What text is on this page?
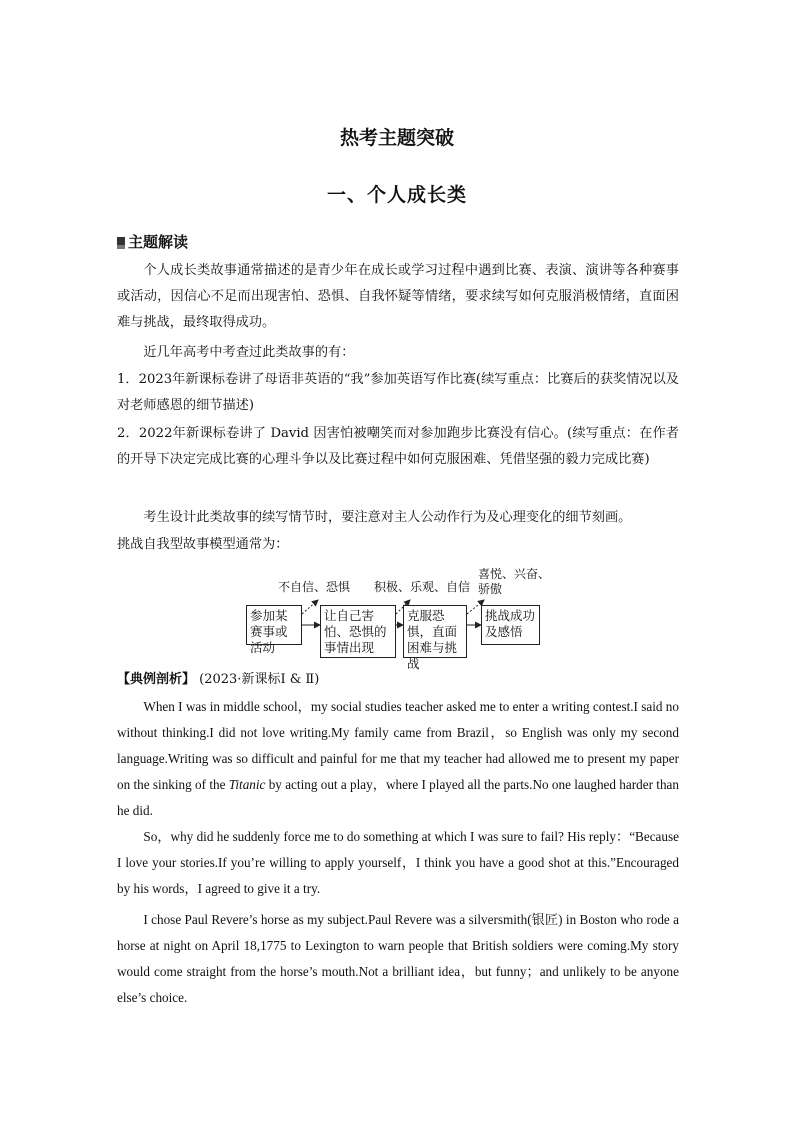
热考主题突破
一、个人成长类
主题解读
个人成长类故事通常描述的是青少年在成长或学习过程中遇到比赛、表演、演讲等各种赛事或活动，因信心不足而出现害怕、恐惧、自我怀疑等情绪，要求续写如何克服消极情绪，直面困难与挑战，最终取得成功。
近几年高考中考查过此类故事的有：
1．2023年新课标卷讲了母语非英语的“我”参加英语写作比赛(续写重点：比赛后的获奖情况以及对老师感恩的细节描述)
2．2022年新课标卷讲了 David 因害怕被嘲笑而对参加跑步比赛没有信心。(续写重点：在作者的开导下决定完成比赛的心理斗争以及比赛过程中如何克服困难、凭借坚强的毅力完成比赛)
考生设计此类故事的续写情节时，要注意对主人公动作行为及心理变化的细节刻画。
挑战自我型故事模型通常为：
不自信、恐惧 积极、乐观、自信
喜悦、兴奋、骄傲
参加某赛事或活动
让自己害怕、恐惧的事情出现
克服恐惧，直面困难与挑战
挑战成功及感悟
【典例剖析】 (2023·新课标Ⅰ & Ⅱ)
When I was in middle school，my social studies teacher asked me to enter a writing contest.I said no without thinking.I did not love writing.My family came from Brazil，so English was only my second language.Writing was so difficult and painful for me that my teacher had allowed me to present my paper on the sinking of the Titanic by acting out a play，where I played all the parts.No one laughed harder than he did.
So，why did he suddenly force me to do something at which I was sure to fail? His reply：“Because I love your stories.If you’re willing to apply yourself，I think you have a good shot at this.”Encouraged by his words，I agreed to give it a try.
I chose Paul Revere’s horse as my subject.Paul Revere was a silversmith(银匠) in Boston who rode a horse at night on April 18,1775 to Lexington to warn people that British soldiers were coming.My story would come straight from the horse’s mouth.Not a brilliant idea，but funny；and unlikely to be anyone else’s choice.
